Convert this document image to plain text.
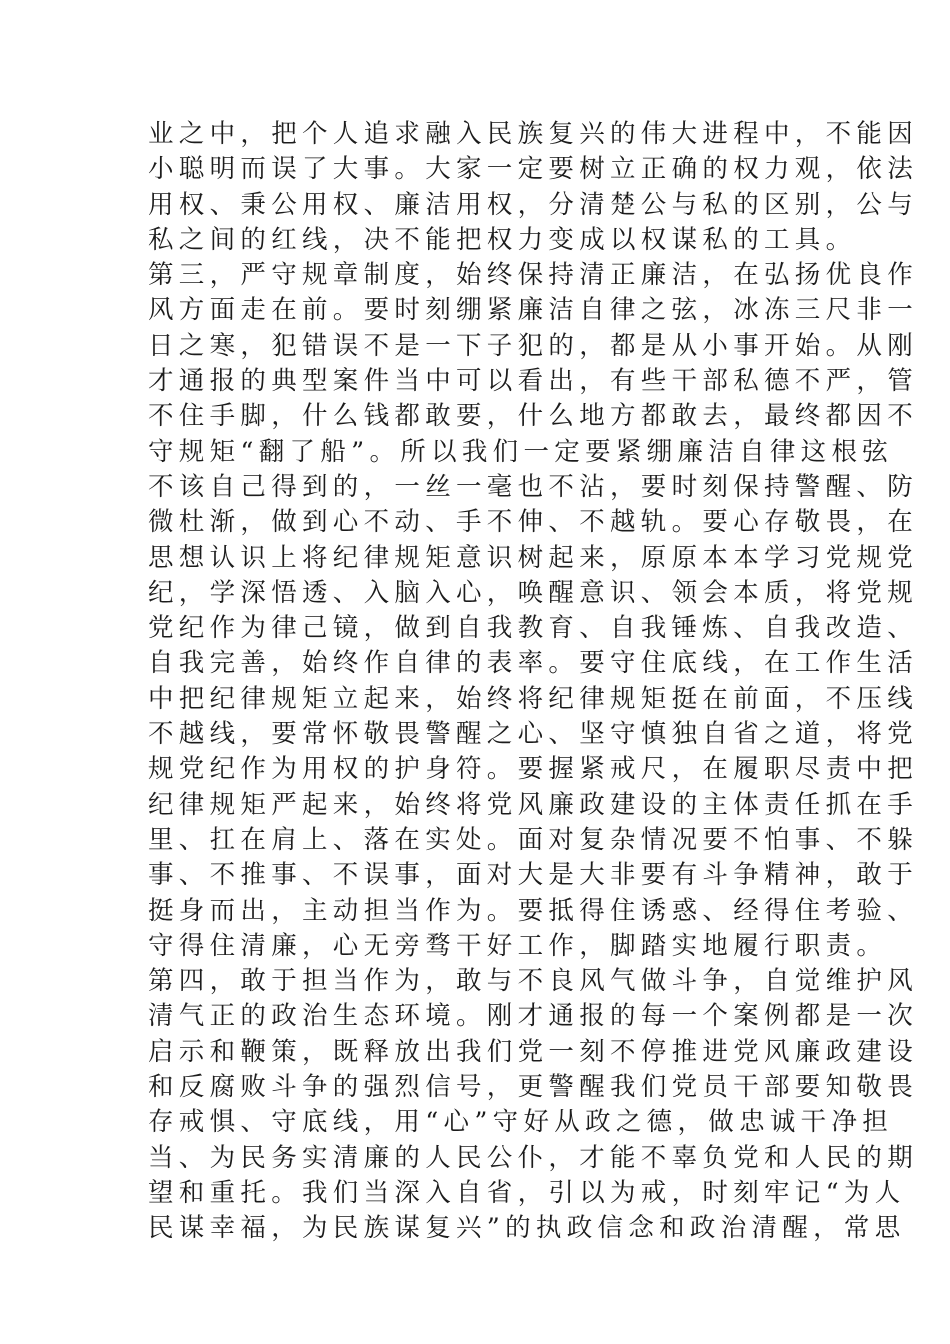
业之中，把个人追求融入民族复兴的伟大进程中，不能因
小聪明而误了大事。大家一定要树立正确的权力观，依法
用权、秉公用权、廉洁用权，分清楚公与私的区别，公与
私之间的红线，决不能把权力变成以权谋私的工具。
第三，严守规章制度，始终保持清正廉洁，在弘扬优良作
风方面走在前。要时刻绷紧廉洁自律之弦，冰冻三尺非一
日之寒，犯错误不是一下子犯的，都是从小事开始。从刚
才通报的典型案件当中可以看出，有些干部私德不严，管
不住手脚，什么钱都敢要，什么地方都敢去，最终都因不
守规矩“翻了船”。所以我们一定要紧绷廉洁自律这根弦
不该自己得到的，一丝一毫也不沾，要时刻保持警醒、防
微杜渐，做到心不动、手不伸、不越轨。要心存敬畏，在
思想认识上将纪律规矩意识树起来，原原本本学习党规党
纪，学深悟透、入脑入心，唤醒意识、领会本质，将党规
党纪作为律己镜，做到自我教育、自我锤炼、自我改造、
自我完善，始终作自律的表率。要守住底线，在工作生活
中把纪律规矩立起来，始终将纪律规矩挺在前面，不压线
不越线，要常怀敬畏警醒之心、坚守慎独自省之道，将党
规党纪作为用权的护身符。要握紧戒尺，在履职尽责中把
纪律规矩严起来，始终将党风廉政建设的主体责任抓在手
里、扛在肩上、落在实处。面对复杂情况要不怕事、不躲
事、不推事、不误事，面对大是大非要有斗争精神，敢于
挺身而出，主动担当作为。要抵得住诱惑、经得住考验、
守得住清廉，心无旁骛干好工作，脚踏实地履行职责。
第四，敢于担当作为，敢与不良风气做斗争，自觉维护风
清气正的政治生态环境。刚才通报的每一个案例都是一次
启示和鞭策，既释放出我们党一刻不停推进党风廉政建设
和反腐败斗争的强烈信号，更警醒我们党员干部要知敬畏
存戒惧、守底线，用“心”守好从政之德，做忠诚干净担
当、为民务实清廉的人民公仆，才能不辜负党和人民的期
望和重托。我们当深入自省，引以为戒，时刻牢记“为人
民谋幸福，为民族谋复兴”的执政信念和政治清醒，常思
